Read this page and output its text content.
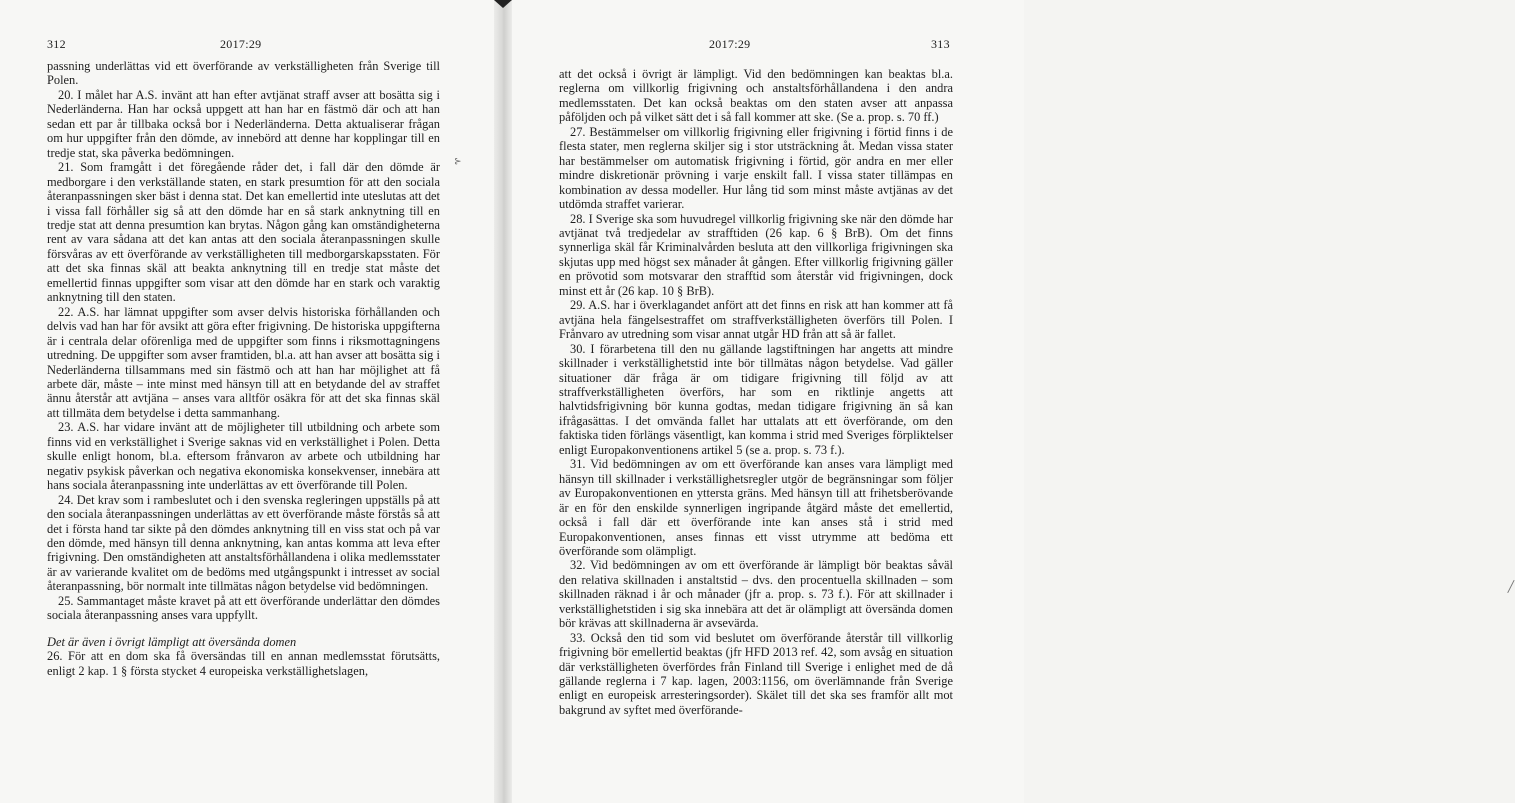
312	2017:29

passning underlättas vid ett överförande av verkställigheten från Sverige till Polen.

20. I målet har A.S. invänt att han efter avtjänat straff avser att bosätta sig i Nederländerna. Han har också uppgett att han har en fästmö där och att han sedan ett par år tillbaka också bor i Nederländerna. Detta aktualiserar frågan om hur uppgifter från den dömde, av innebörd att denne har kopplingar till en tredje stat, ska påverka bedömningen.

21. Som framgått i det föregående råder det, i fall där den dömde är medborgare i den verkställande staten, en stark presumtion för att den sociala återanpassningen sker bäst i denna stat. Det kan emellertid inte uteslutas att det i vissa fall förhåller sig så att den dömde har en så stark anknytning till en tredje stat att denna presumtion kan brytas. Någon gång kan omständigheterna rent av vara sådana att det kan antas att den sociala återanpassningen skulle försvåras av ett överförande av verkställigheten till medborgarskapsstaten. För att det ska finnas skäl att beakta anknytning till en tredje stat måste det emellertid finnas uppgifter som visar att den dömde har en stark och varaktig anknytning till den staten.

22. A.S. har lämnat uppgifter som avser delvis historiska förhållanden och delvis vad han har för avsikt att göra efter frigivning. De historiska uppgifterna är i centrala delar oförenliga med de uppgifter som finns i riksmottagningens utredning. De uppgifter som avser framtiden, bl.a. att han avser att bosätta sig i Nederländerna tillsammans med sin fästmö och att han har möjlighet att få arbete där, måste – inte minst med hänsyn till att en betydande del av straffet ännu återstår att avtjäna – anses vara alltför osäkra för att det ska finnas skäl att tillmäta dem betydelse i detta sammanhang.

23. A.S. har vidare invänt att de möjligheter till utbildning och arbete som finns vid en verkställighet i Sverige saknas vid en verkställighet i Polen. Detta skulle enligt honom, bl.a. eftersom frånvaron av arbete och utbildning har negativ psykisk påverkan och negativa ekonomiska konsekvenser, innebära att hans sociala återanpassning inte underlättas av ett överförande till Polen.

24. Det krav som i rambeslutet och i den svenska regleringen uppställs på att den sociala återanpassningen underlättas av ett överförande måste förstås så att det i första hand tar sikte på den dömdes anknytning till en viss stat och på var den dömde, med hänsyn till denna anknytning, kan antas komma att leva efter frigivning. Den omständigheten att anstaltsförhållandena i olika medlemsstater är av varierande kvalitet om de bedöms med utgångspunkt i intresset av social återanpassning, bör normalt inte tillmätas någon betydelse vid bedömningen.

25. Sammantaget måste kravet på att ett överförande underlättar den dömdes sociala återanpassning anses vara uppfyllt.

Det är även i övrigt lämpligt att översända domen

26. För att en dom ska få översändas till en annan medlemsstat förutsätts, enligt 2 kap. 1 § första stycket 4 europeiska verkställighetslagen,

⊱
2017:29	313

att det också i övrigt är lämpligt. Vid den bedömningen kan beaktas bl.a. reglerna om villkorlig frigivning och anstaltsförhållandena i den andra medlemsstaten. Det kan också beaktas om den staten avser att anpassa påföljden och på vilket sätt det i så fall kommer att ske. (Se a. prop. s. 70 ff.)

27. Bestämmelser om villkorlig frigivning eller frigivning i förtid finns i de flesta stater, men reglerna skiljer sig i stor utsträckning åt. Medan vissa stater har bestämmelser om automatisk frigivning i förtid, gör andra en mer eller mindre diskretionär prövning i varje enskilt fall. I vissa stater tillämpas en kombination av dessa modeller. Hur lång tid som minst måste avtjänas av det utdömda straffet varierar.

28. I Sverige ska som huvudregel villkorlig frigivning ske när den dömde har avtjänat två tredjedelar av strafftiden (26 kap. 6 § BrB). Om det finns synnerliga skäl får Kriminalvården besluta att den villkorliga frigivningen ska skjutas upp med högst sex månader åt gången. Efter villkorlig frigivning gäller en prövotid som motsvarar den strafftid som återstår vid frigivningen, dock minst ett år (26 kap. 10 § BrB).

29. A.S. har i överklagandet anfört att det finns en risk att han kommer att få avtjäna hela fängelsestraffet om straffverkställigheten överförs till Polen. I Frånvaro av utredning som visar annat utgår HD från att så är fallet.

30. I förarbetena till den nu gällande lagstiftningen har angetts att mindre skillnader i verkställighetstid inte bör tillmätas någon betydelse. Vad gäller situationer där fråga är om tidigare frigivning till följd av att straffverkställigheten överförs, har som en riktlinje angetts att halvtidsfrigivning bör kunna godtas, medan tidigare frigivning än så kan ifrågasättas. I det omvända fallet har uttalats att ett överförande, om den faktiska tiden förlängs väsentligt, kan komma i strid med Sveriges förpliktelser enligt Europakonventionens artikel 5 (se a. prop. s. 73 f.).

31. Vid bedömningen av om ett överförande kan anses vara lämpligt med hänsyn till skillnader i verkställighetsregler utgör de begränsningar som följer av Europakonventionen en yttersta gräns. Med hänsyn till att frihetsberövande är en för den enskilde synnerligen ingripande åtgärd måste det emellertid, också i fall där ett överförande inte kan anses stå i strid med Europakonventionen, anses finnas ett visst utrymme att bedöma ett överförande som olämpligt.

32. Vid bedömningen av om ett överförande är lämpligt bör beaktas såväl den relativa skillnaden i anstaltstid – dvs. den procentuella skillnaden – som skillnaden räknad i år och månader (jfr a. prop. s. 73 f.). För att skillnader i verkställighetstiden i sig ska innebära att det är olämpligt att översända domen bör krävas att skillnaderna är avsevärda.

33. Också den tid som vid beslutet om överförande återstår till villkorlig frigivning bör emellertid beaktas (jfr HFD 2013 ref. 42, som avsåg en situation där verkställigheten överfördes från Finland till Sverige i enlighet med de då gällande reglerna i 7 kap. lagen, 2003:1156, om överlämnande från Sverige enligt en europeisk arresteringsorder). Skälet till det ska ses framför allt mot bakgrund av syftet med överförande-

/
